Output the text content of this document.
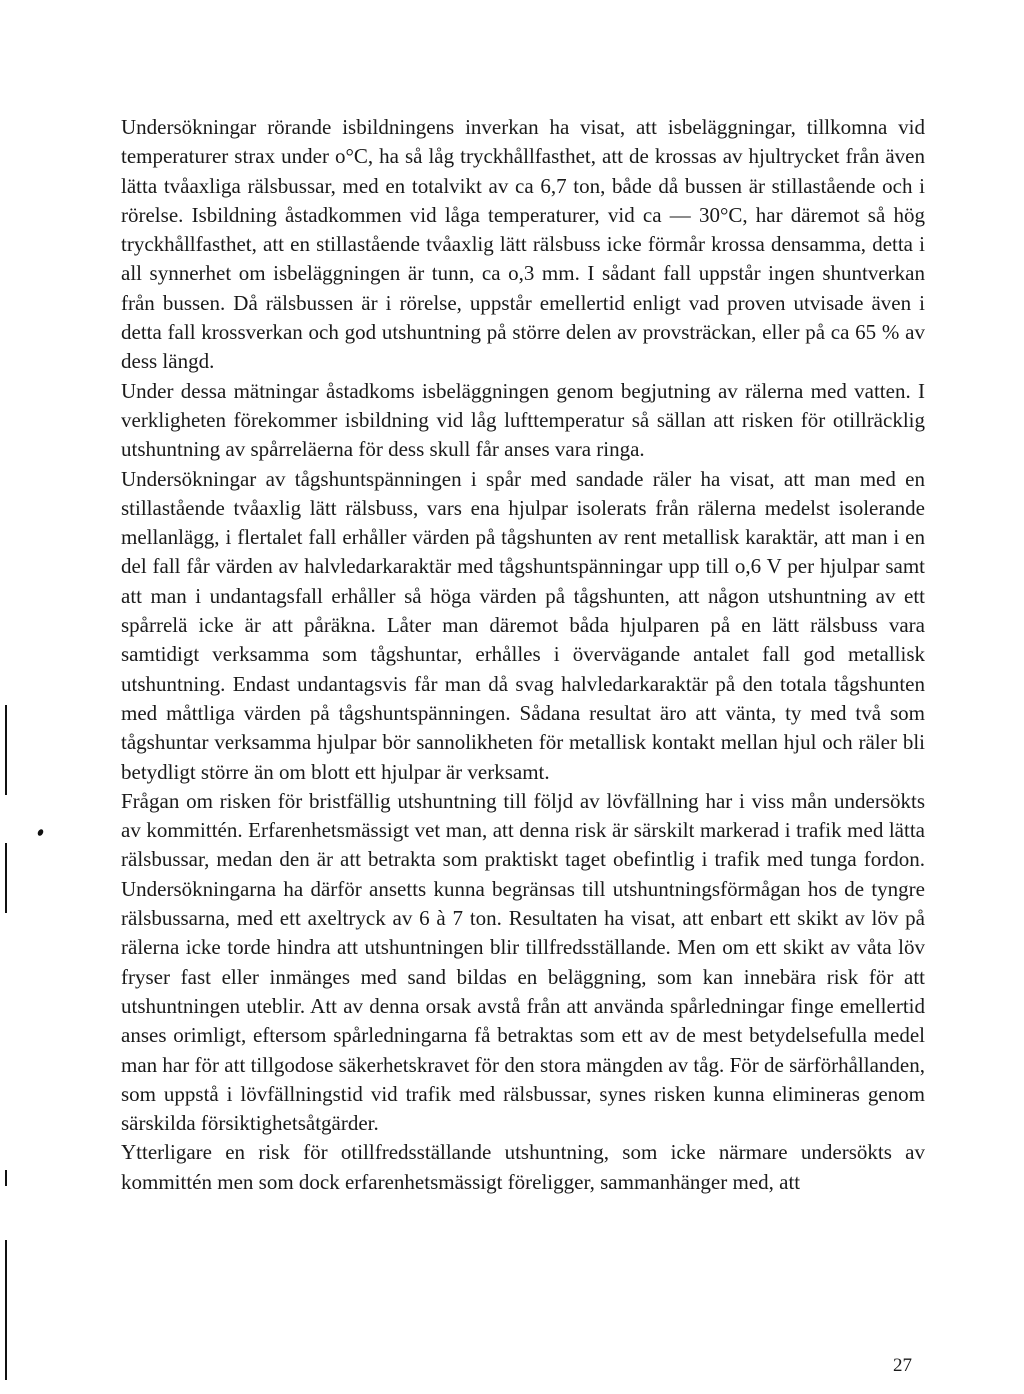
Undersökningar rörande isbildningens inverkan ha visat, att isbeläggningar, tillkomna vid temperaturer strax under o°C, ha så låg tryckhållfasthet, att de krossas av hjultrycket från även lätta tvåaxliga rälsbussar, med en totalvikt av ca 6,7 ton, både då bussen är stillastående och i rörelse. Isbildning åstadkommen vid låga temperaturer, vid ca — 30°C, har däremot så hög tryckhållfasthet, att en stillastående tvåaxlig lätt rälsbuss icke förmår krossa densamma, detta i all synnerhet om isbeläggningen är tunn, ca o,3 mm. I sådant fall uppstår ingen shuntverkan från bussen. Då rälsbussen är i rörelse, uppstår emellertid enligt vad proven utvisade även i detta fall krossverkan och god utshuntning på större delen av provsträckan, eller på ca 65 % av dess längd.

Under dessa mätningar åstadkoms isbeläggningen genom begjutning av rälerna med vatten. I verkligheten förekommer isbildning vid låg lufttemperatur så sällan att risken för otillräcklig utshuntning av spårreläerna för dess skull får anses vara ringa.

Undersökningar av tågshuntspänningen i spår med sandade räler ha visat, att man med en stillastående tvåaxlig lätt rälsbuss, vars ena hjulpar isolerats från rälerna medelst isolerande mellanlägg, i flertalet fall erhåller värden på tågshunten av rent metallisk karaktär, att man i en del fall får värden av halvledarkaraktär med tågshuntspänningar upp till o,6 V per hjulpar samt att man i undantagsfall erhåller så höga värden på tågshunten, att någon utshuntning av ett spårrelä icke är att påräkna. Låter man däremot båda hjulparen på en lätt rälsbuss vara samtidigt verksamma som tågshuntar, erhålles i övervägande antalet fall god metallisk utshuntning. Endast undantagsvis får man då svag halvledarkaraktär på den totala tågshunten med måttliga värden på tågshuntspänningen. Sådana resultat äro att vänta, ty med två som tågshuntar verksamma hjulpar bör sannolikheten för metallisk kontakt mellan hjul och räler bli betydligt större än om blott ett hjulpar är verksamt.

Frågan om risken för bristfällig utshuntning till följd av lövfällning har i viss mån undersökts av kommittén. Erfarenhetsmässigt vet man, att denna risk är särskilt markerad i trafik med lätta rälsbussar, medan den är att betrakta som praktiskt taget obefintlig i trafik med tunga fordon. Undersökningarna ha därför ansetts kunna begränsas till utshuntningsförmågan hos de tyngre rälsbussarna, med ett axeltryck av 6 à 7 ton. Resultaten ha visat, att enbart ett skikt av löv på rälerna icke torde hindra att utshuntningen blir tillfredsställande. Men om ett skikt av våta löv fryser fast eller inmänges med sand bildas en beläggning, som kan innebära risk för att utshuntningen uteblir. Att av denna orsak avstå från att använda spårledningar finge emellertid anses orimligt, eftersom spårledningarna få betraktas som ett av de mest betydelsefulla medel man har för att tillgodose säkerhetskravet för den stora mängden av tåg. För de särförhållanden, som uppstå i lövfällningstid vid trafik med rälsbussar, synes risken kunna elimineras genom särskilda försiktighetsåtgärder.

Ytterligare en risk för otillfredsställande utshuntning, som icke närmare undersökts av kommittén men som dock erfarenhetsmässigt föreligger, sammanhänger med, att

27
